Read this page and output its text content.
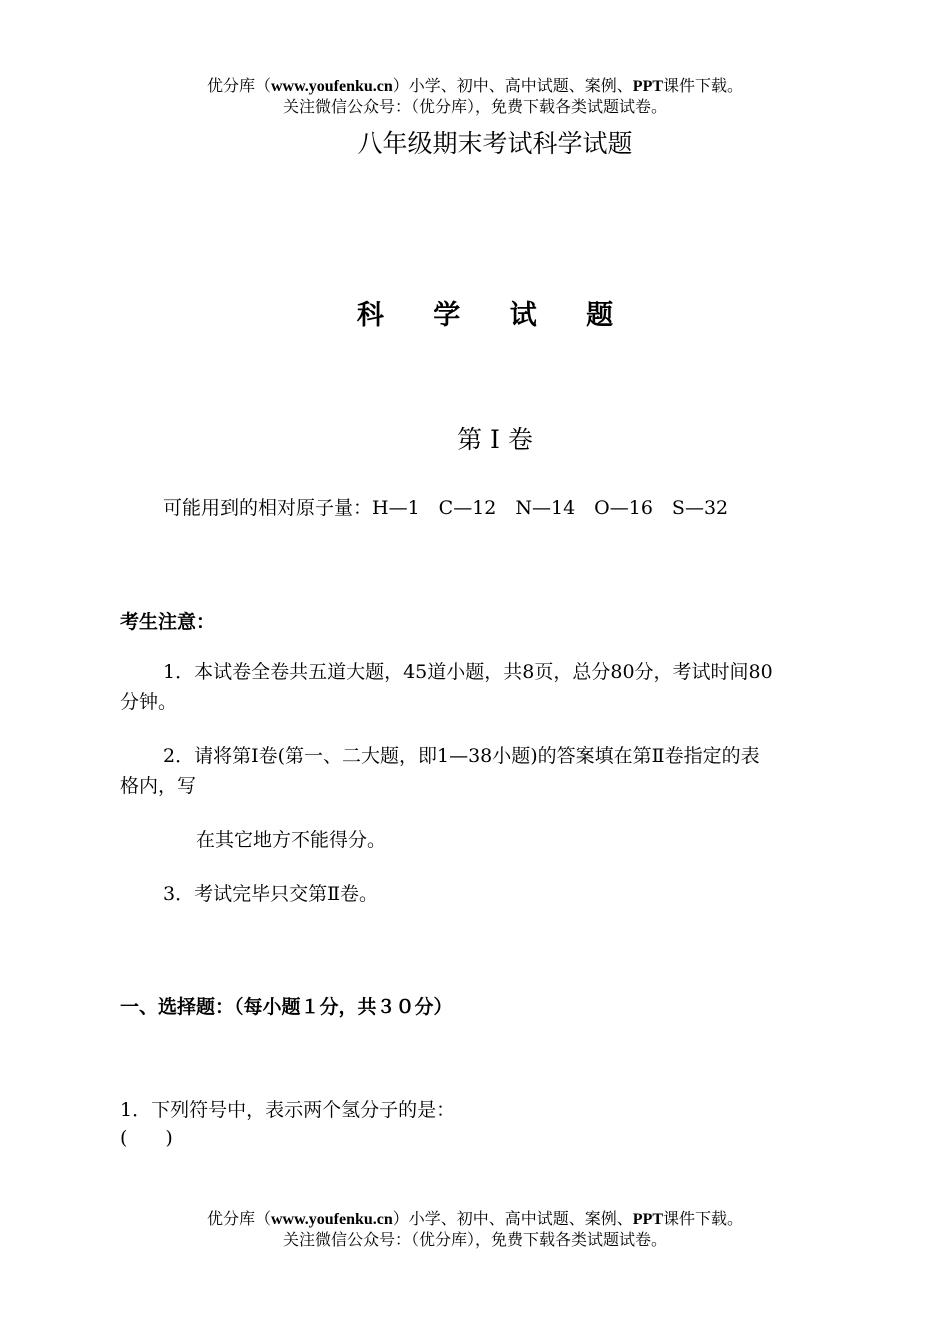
优分库（www.youfenku.cn）小学、初中、高中试题、案例、PPT课件下载。
关注微信公众号：（优分库），免费下载各类试题试卷。
八年级期末考试科学试题
科 学 试 题
第 I 卷
可能用到的相对原子量：H—1　C—12　N—14　O—16　S—32
考生注意：
1．本试卷全卷共五道大题，45道小题，共8页，总分80分，考试时间80
分钟。
2．请将第Ⅰ卷(第一、二大题，即1—38小题)的答案填在第Ⅱ卷指定的表
格内，写
在其它地方不能得分。
3．考试完毕只交第Ⅱ卷。
一、选择题：（每小题１分，共３０分）
1．下列符号中，表示两个氢分子的是：
(　　)
优分库（www.youfenku.cn）小学、初中、高中试题、案例、PPT课件下载。
关注微信公众号：（优分库），免费下载各类试题试卷。
